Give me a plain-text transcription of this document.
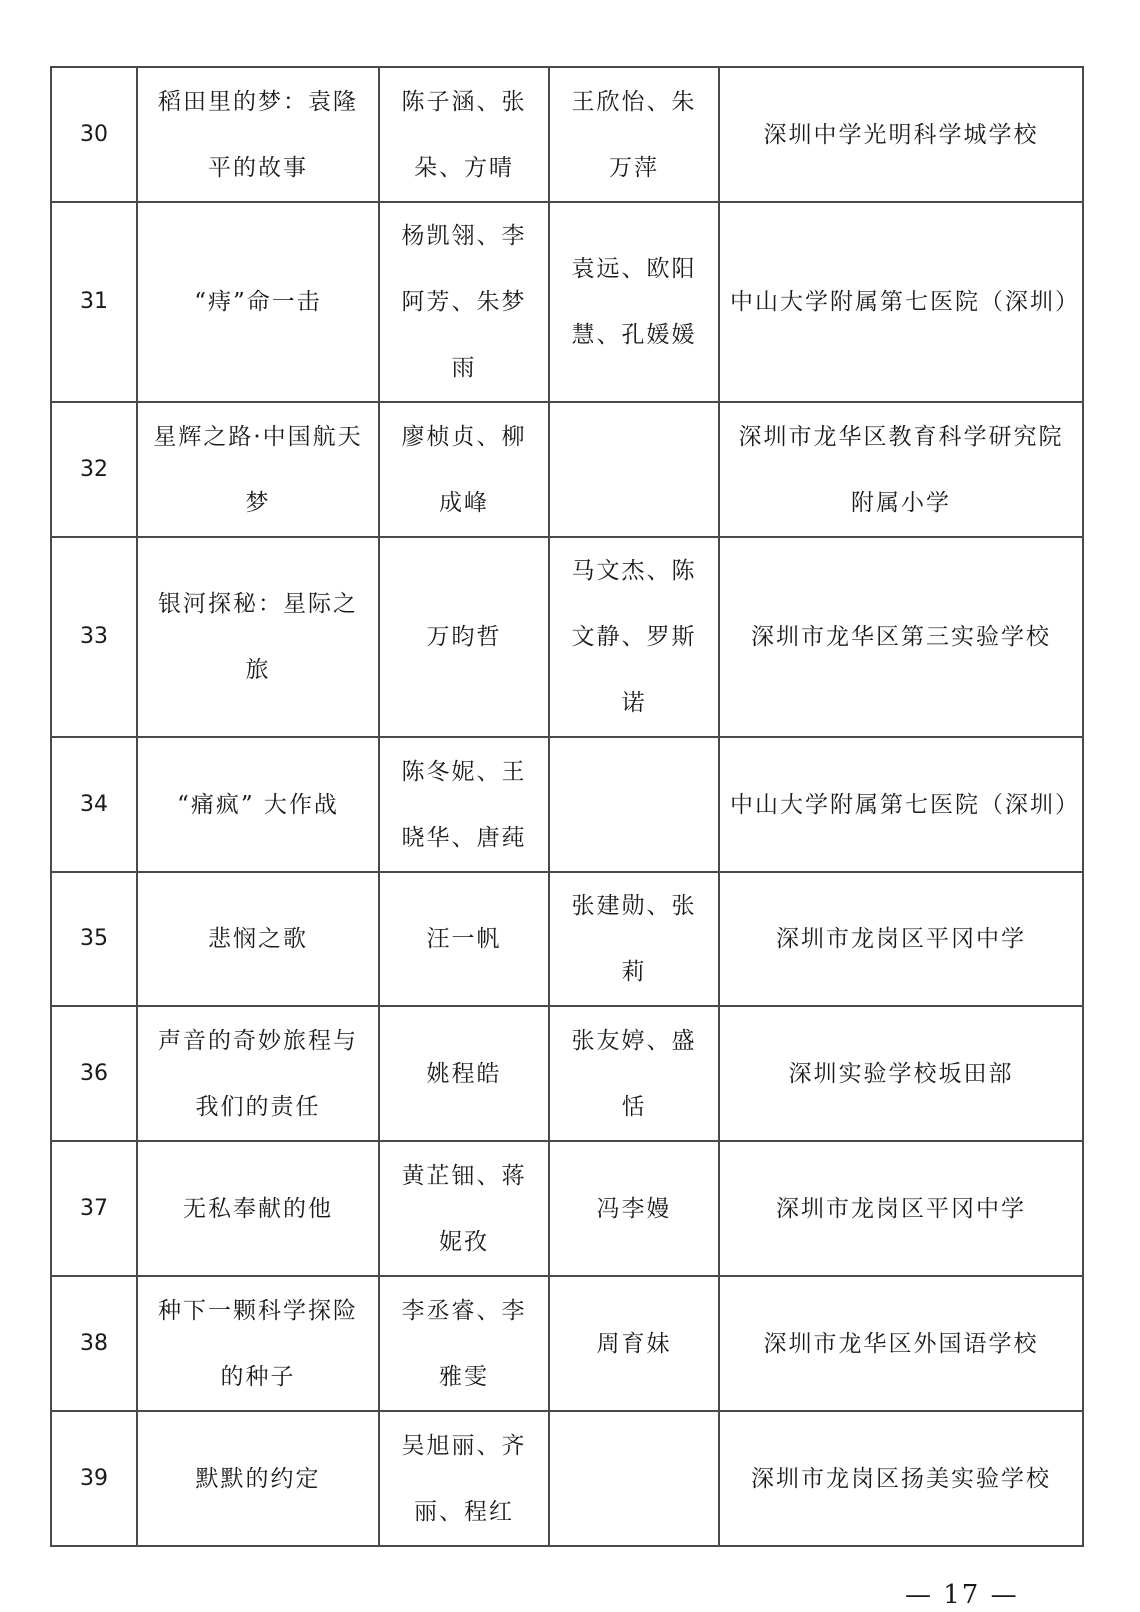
30	稻田里的梦：袁隆平的故事	陈子涵、张朵、方晴	王欣怡、朱万萍	深圳中学光明科学城学校
31	“痔”命一击	杨凯翎、李阿芳、朱梦雨	袁远、欧阳慧、孔媛媛	中山大学附属第七医院（深圳）
32	星辉之路·中国航天梦	廖桢贞、柳成峰		深圳市龙华区教育科学研究院附属小学
33	银河探秘：星际之旅	万昀哲	马文杰、陈文静、罗斯诺	深圳市龙华区第三实验学校
34	“痛疯” 大作战	陈冬妮、王晓华、唐莼		中山大学附属第七医院（深圳）
35	悲悯之歌	汪一帆	张建勋、张莉	深圳市龙岗区平冈中学
36	声音的奇妙旅程与我们的责任	姚程皓	张友婷、盛恬	深圳实验学校坂田部
37	无私奉献的他	黄芷钿、蒋妮孜	冯李嫚	深圳市龙岗区平冈中学
38	种下一颗科学探险的种子	李丞睿、李雅雯	周育妹	深圳市龙华区外国语学校
39	默默的约定	吴旭丽、齐丽、程红		深圳市龙岗区扬美实验学校
— 17 —
